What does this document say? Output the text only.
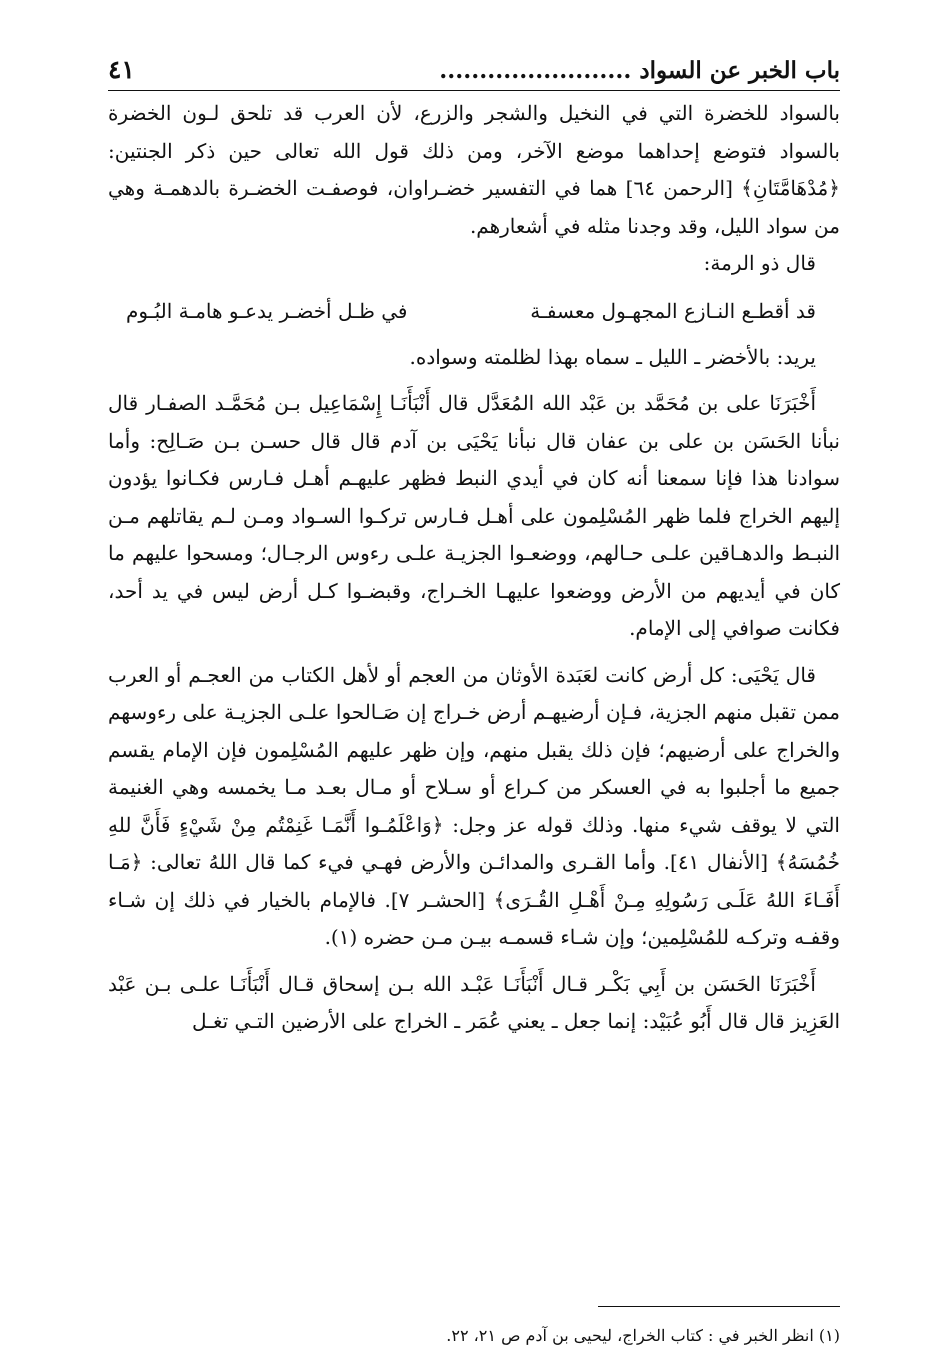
باب الخبر عن السواد ........................
٤١

بالسواد للخضرة التي في النخيل والشجر والزرع، لأن العرب قد تلحق لـون الخضرة بالسواد فتوضع إحداهما موضع الآخر، ومن ذلك قول الله تعالى حين ذكر الجنتين: ﴿مُدْهَامَّتَانِ﴾ [الرحمن ٦٤] هما في التفسير خضـراوان، فوصفـت الخضـرة بالدهمـة وهي من سواد الليل، وقد وجدنا مثله في أشعارهم.

قال ذو الرمة:

قد أقطـع النـازع المجهـول معسفـة
في ظـل أخضـر يدعـو هامـة البُـوم

يريد: بالأخضر ـ الليل ـ سماه بهذا لظلمته وسواده.

أَخْبَرَنَا على بن مُحَمَّد بن عَبْد الله المُعَدَّل قال أَنْبَأَنَـا إِسْمَاعِيل بـن مُحَمَّـد الصفـار قال نبأنا الحَسَن بن على بن عفان قال نبأنا يَحْيَى بن آدم قال قال حسـن بـن صَـالِح: وأما سوادنا هذا فإنا سمعنا أنه كان في أيدي النبط فظهر عليهـم أهـل فـارس فكـانوا يؤدون إليهم الخراج فلما ظهر المُسْلِمون على أهـل فـارس تركـوا السـواد ومـن لـم يقاتلهم مـن النبـط والدهـاقين علـى حـالهم، ووضعـوا الجزيـة علـى رءوس الرجـال؛ ومسحوا عليهم ما كان في أيديهم من الأرض ووضعوا عليهـا الخـراج، وقبضـوا كـل أرض ليس في يد أحد، فكانت صوافي إلى الإمام.

قال يَحْيَى: كل أرض كانت لعَبَدة الأوثان من العجم أو لأهل الكتاب من العجـم أو العرب ممن تقبل منهم الجزية، فـإن أرضيهـم أرض خـراج إن صَـالحوا علـى الجزيـة على رءوسهم والخراج على أرضيهم؛ فإن ذلك يقبل منهم، وإن ظهر عليهم المُسْلِمون فإن الإمام يقسم جميع ما أجلبوا به في العسكر من كـراع أو سـلاح أو مـال بعـد مـا يخمسه وهي الغنيمة التي لا يوقف شيء منها. وذلك قوله عز وجل: ﴿وَاعْلَمُـوا أَنَّمَـا غَنِمْتُم مِنْ شَيْءٍ فَأَنَّ للهِ خُمُسَهُ﴾ [الأنفال ٤١]. وأما القـرى والمدائـن والأرض فهـي فيء كما قال اللهُ تعالى: ﴿مَـا أَفَـاءَ اللهُ عَلَـى رَسُولِهِ مِـنْ أَهْـلِ القُـرَى﴾ [الحشـر ٧]. فالإمام بالخيار في ذلك إن شـاء وقفـه وتركـه للمُسْلِمين؛ وإن شـاء قسمـه بيـن مـن حضره (١).

أَخْبَرَنَا الحَسَن بن أَبِي بَكْـر قـال أَنْبَأَنَـا عَبْـد الله بـن إسحاق قـال أَنْبَأَنَـا علـى بـن عَبْد العَزِيز قال قال أَبُو عُبَيْد: إنما جعل ـ يعني عُمَر ـ الخراج على الأرضين التـي تغـل

(١) انظر الخبر في : كتاب الخراج، ليحيى بن آدم ص ٢١، ٢٢.
